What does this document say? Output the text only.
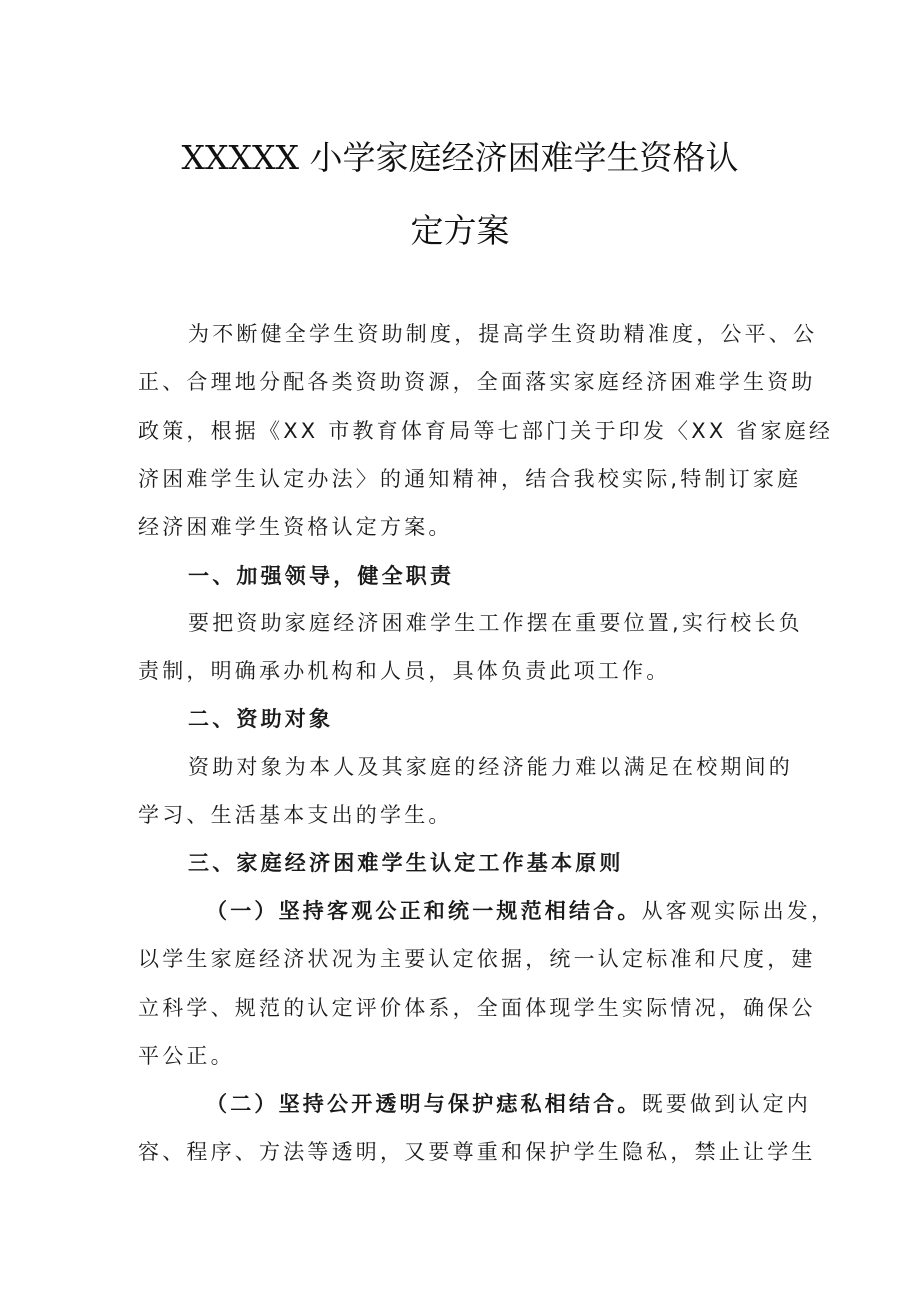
XXXXX 小学家庭经济困难学生资格认
定方案
为不断健全学生资助制度，提高学生资助精准度，公平、公
正、合理地分配各类资助资源，全面落实家庭经济困难学生资助
政策，根据《XX 市教育体育局等七部门关于印发〈XX 省家庭经
济困难学生认定办法〉的通知精神，结合我校实际,特制订家庭
经济困难学生资格认定方案。
一、加强领导，健全职责
要把资助家庭经济困难学生工作摆在重要位置,实行校长负
责制，明确承办机构和人员，具体负责此项工作。
二、资助对象
资助对象为本人及其家庭的经济能力难以满足在校期间的
学习、生活基本支出的学生。
三、家庭经济困难学生认定工作基本原则
（一）坚持客观公正和统一规范相结合。从客观实际出发，
以学生家庭经济状况为主要认定依据，统一认定标准和尺度，建
立科学、规范的认定评价体系，全面体现学生实际情况，确保公
平公正。
（二）坚持公开透明与保护痣私相结合。既要做到认定内
容、程序、方法等透明，又要尊重和保护学生隐私，禁止让学生
